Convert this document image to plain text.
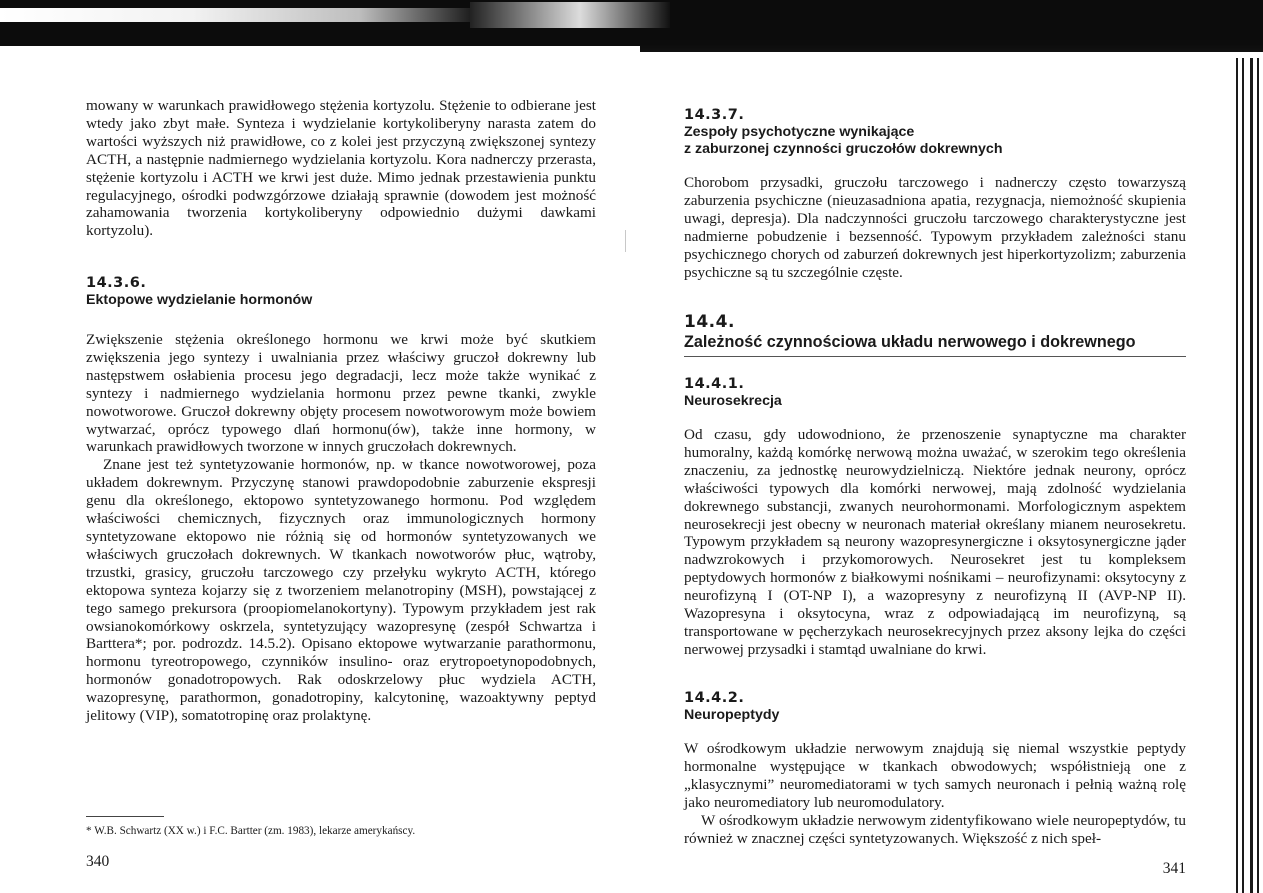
mowany w warunkach prawidłowego stężenia kortyzolu. Stężenie to odbierane jest wtedy jako zbyt małe. Synteza i wydzielanie kortykoliberyny narasta zatem do wartości wyższych niż prawidłowe, co z kolei jest przyczyną zwiększonej syntezy ACTH, a następnie nadmiernego wydzielania kortyzolu. Kora nadnerczy przerasta, stężenie kortyzolu i ACTH we krwi jest duże. Mimo jednak przestawienia punktu regulacyjnego, ośrodki podwzgórzowe działają sprawnie (dowodem jest możność zahamowania tworzenia kortykoliberyny odpowiednio dużymi dawkami kortyzolu).

14.3.6.

Ektopowe wydzielanie hormonów

Zwiększenie stężenia określonego hormonu we krwi może być skutkiem zwiększenia jego syntezy i uwalniania przez właściwy gruczoł dokrewny lub następstwem osłabienia procesu jego degradacji, lecz może także wynikać z syntezy i nadmiernego wydzielania hormonu przez pewne tkanki, zwykle nowotworowe. Gruczoł dokrewny objęty procesem nowotworowym może bowiem wytwarzać, oprócz typowego dlań hormonu(ów), także inne hormony, w warunkach prawidłowych tworzone w innych gruczołach dokrewnych.

Znane jest też syntetyzowanie hormonów, np. w tkance nowotworowej, poza układem dokrewnym. Przyczynę stanowi prawdopodobnie zaburzenie ekspresji genu dla określonego, ektopowo syntetyzowanego hormonu. Pod względem właściwości chemicznych, fizycznych oraz immunologicznych hormony syntetyzowane ektopowo nie różnią się od hormonów syntetyzowanych we właściwych gruczołach dokrewnych. W tkankach nowotworów płuc, wątroby, trzustki, grasicy, gruczołu tarczowego czy przełyku wykryto ACTH, którego ektopowa synteza kojarzy się z tworzeniem melanotropiny (MSH), powstającej z tego samego prekursora (proopiomelanokortyny). Typowym przykładem jest rak owsianokomórkowy oskrzela, syntetyzujący wazopresynę (zespół Schwartza i Barttera*; por. podrozdz. 14.5.2). Opisano ektopowe wytwarzanie parathormonu, hormonu tyreotropowego, czynników insulino- oraz erytropoetynopodobnych, hormonów gonadotropowych. Rak odoskrzelowy płuc wydziela ACTH, wazopresynę, parathormon, gonadotropiny, kalcytoninę, wazoaktywny peptyd jelitowy (VIP), somatotropinę oraz prolaktynę.

* W.B. Schwartz (XX w.) i F.C. Bartter (zm. 1983), lekarze amerykańscy.
340

14.3.7.

Zespoły psychotyczne wynikające

z zaburzonej czynności gruczołów dokrewnych

Chorobom przysadki, gruczołu tarczowego i nadnerczy często towarzyszą zaburzenia psychiczne (nieuzasadniona apatia, rezygnacja, niemożność skupienia uwagi, depresja). Dla nadczynności gruczołu tarczowego charakterystyczne jest nadmierne pobudzenie i bezsenność. Typowym przykładem zależności stanu psychicznego chorych od zaburzeń dokrewnych jest hiperkortyzolizm; zaburzenia psychiczne są tu szczególnie częste.

14.4.

Zależność czynnościowa układu nerwowego i dokrewnego

14.4.1.

Neurosekrecja

Od czasu, gdy udowodniono, że przenoszenie synaptyczne ma charakter humoralny, każdą komórkę nerwową można uważać, w szerokim tego określenia znaczeniu, za jednostkę neurowydzielniczą. Niektóre jednak neurony, oprócz właściwości typowych dla komórki nerwowej, mają zdolność wydzielania dokrewnego substancji, zwanych neurohormonami. Morfologicznym aspektem neurosekrecji jest obecny w neuronach materiał określany mianem neurosekretu. Typowym przykładem są neurony wazopresynergiczne i oksytosynergiczne jąder nadwzrokowych i przykomorowych. Neurosekret jest tu kompleksem peptydowych hormonów z białkowymi nośnikami – neurofizynami: oksytocyny z neurofizyną I (OT-NP I), a wazopresyny z neurofizyną II (AVP-NP II). Wazopresyna i oksytocyna, wraz z odpowiadającą im neurofizyną, są transportowane w pęcherzykach neurosekrecyjnych przez aksony lejka do części nerwowej przysadki i stamtąd uwalniane do krwi.

14.4.2.

Neuropeptydy

W ośrodkowym układzie nerwowym znajdują się niemal wszystkie peptydy hormonalne występujące w tkankach obwodowych; współistnieją one z „klasycznymi” neuromediatorami w tych samych neuronach i pełnią ważną rolę jako neuromediatory lub neuromodulatory.

W ośrodkowym układzie nerwowym zidentyfikowano wiele neuropeptydów, tu również w znacznej części syntetyzowanych. Większość z nich speł-

341
